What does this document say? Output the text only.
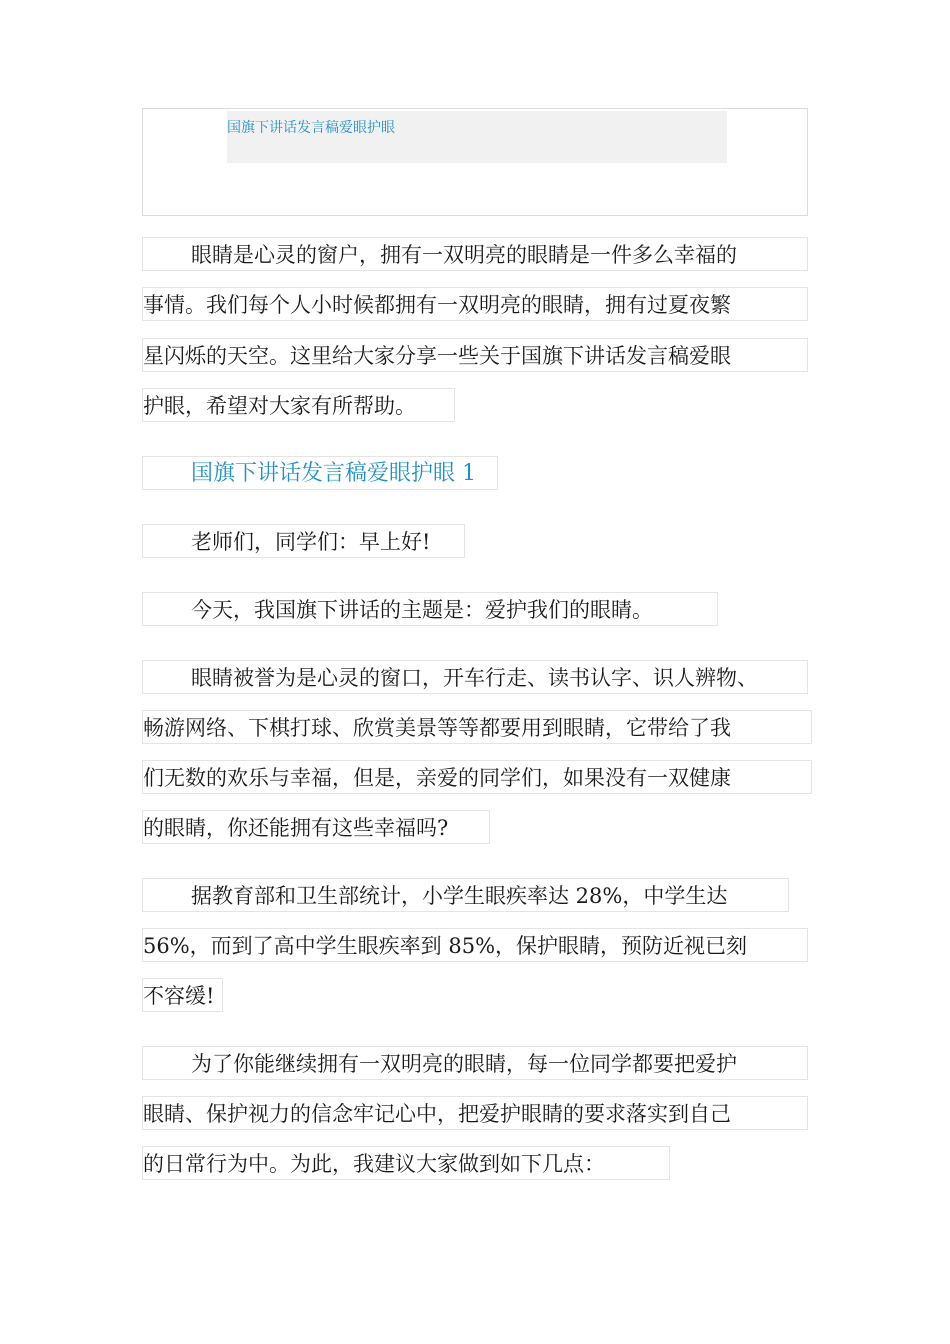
国旗下讲话发言稿爱眼护眼
眼睛是心灵的窗户，拥有一双明亮的眼睛是一件多么幸福的
事情。我们每个人小时候都拥有一双明亮的眼睛，拥有过夏夜繁
星闪烁的天空。这里给大家分享一些关于国旗下讲话发言稿爱眼
护眼，希望对大家有所帮助。
国旗下讲话发言稿爱眼护眼 1
老师们，同学们：早上好!
今天，我国旗下讲话的主题是：爱护我们的眼睛。
眼睛被誉为是心灵的窗口，开车行走、读书认字、识人辨物、
畅游网络、下棋打球、欣赏美景等等都要用到眼睛，它带给了我
们无数的欢乐与幸福，但是，亲爱的同学们，如果没有一双健康
的眼睛，你还能拥有这些幸福吗?
据教育部和卫生部统计，小学生眼疾率达 28%，中学生达
56%，而到了高中学生眼疾率到 85%，保护眼睛，预防近视已刻
不容缓!
为了你能继续拥有一双明亮的眼睛，每一位同学都要把爱护
眼睛、保护视力的信念牢记心中，把爱护眼睛的要求落实到自己
的日常行为中。为此，我建议大家做到如下几点：
